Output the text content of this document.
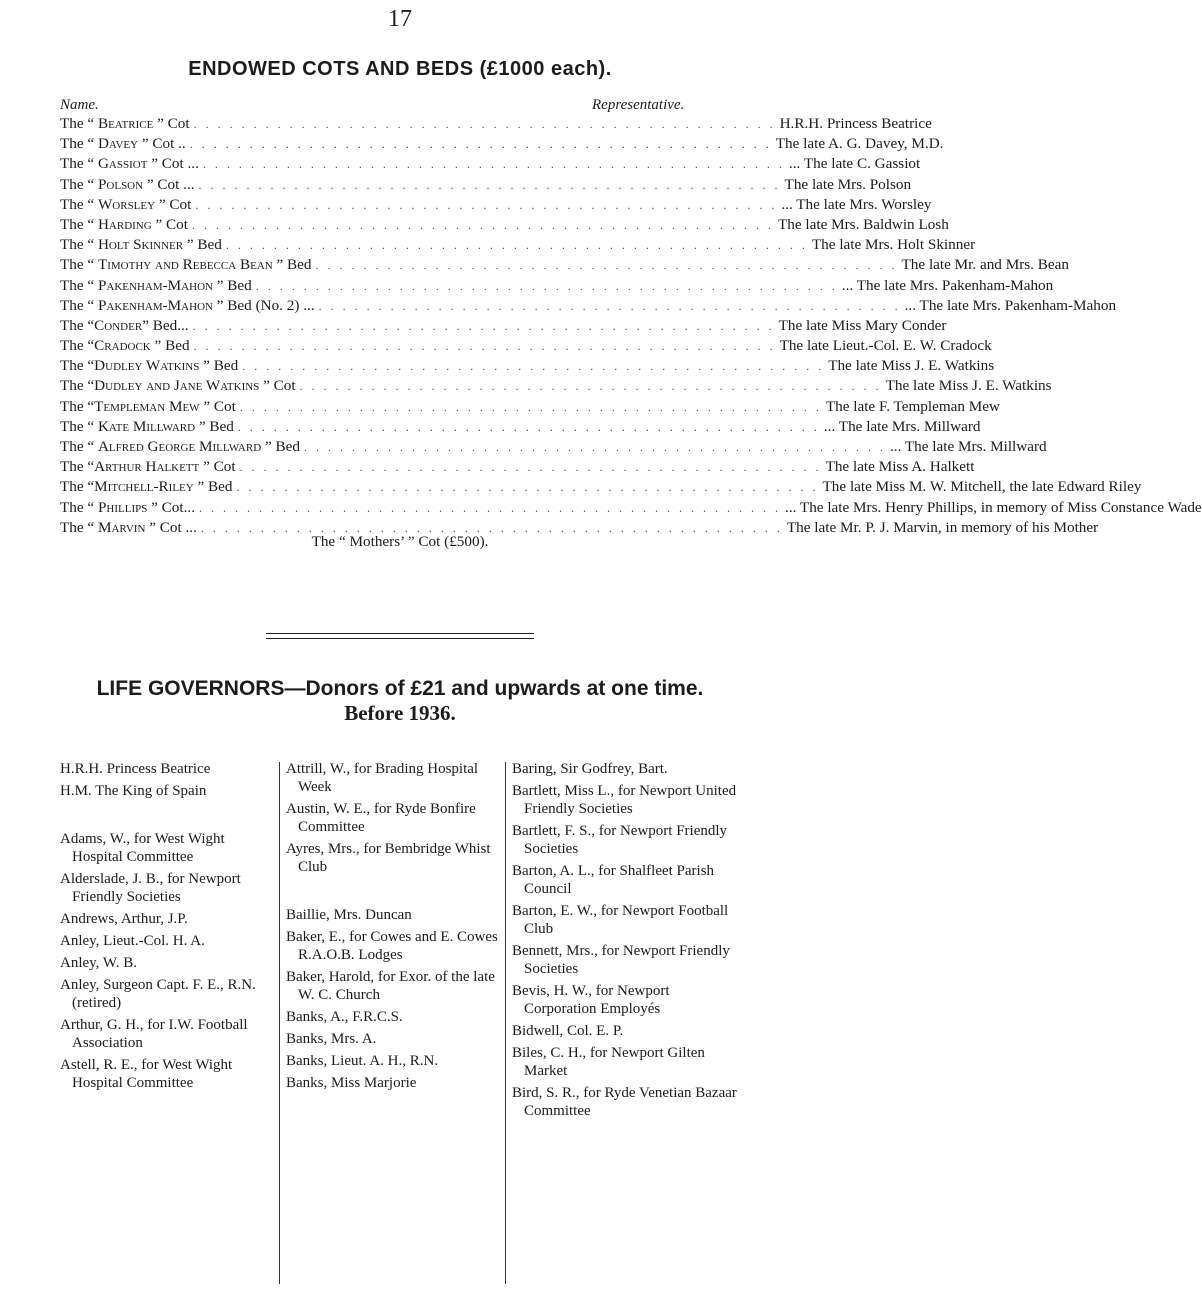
17
ENDOWED COTS AND BEDS (£1000 each).
Name.	Representative.
The “ Beatrice ” Cot . . . . . . . . . . . . . . . . . . . . . . . . . . . . . . . . . . . . . . . . . . . . . . . . . H.R.H. Princess Beatrice
The “ Davey ” Cot .. . . . . . . . . . . . . . . . . . . . . . . . . . . . . . . . . . . . . . . . . . . . . . . . . . The late A. G. Davey, M.D.
The “ Gassiot ” Cot ... . . . . . . . . . . . . . . . . . . . . . . . . . . . . . . . . . . . . . . . . . . . . . . . . . ... The late C. Gassiot
The “ Polson ” Cot ... . . . . . . . . . . . . . . . . . . . . . . . . . . . . . . . . . . . . . . . . . . . . . . . . . The late Mrs. Polson
The “ Worsley ” Cot . . . . . . . . . . . . . . . . . . . . . . . . . . . . . . . . . . . . . . . . . . . . . . . . . ... The late Mrs. Worsley
The “ Harding ” Cot . . . . . . . . . . . . . . . . . . . . . . . . . . . . . . . . . . . . . . . . . . . . . . . . . The late Mrs. Baldwin Losh
The “ Holt Skinner ” Bed . . . . . . . . . . . . . . . . . . . . . . . . . . . . . . . . . . . . . . . . . . . . . . . . . The late Mrs. Holt Skinner
The “ Timothy and Rebecca Bean ” Bed . . . . . . . . . . . . . . . . . . . . . . . . . . . . . . . . . . . . . . . . . . . . . . . . . The late Mr. and Mrs. Bean
The “ Pakenham-Mahon ” Bed . . . . . . . . . . . . . . . . . . . . . . . . . . . . . . . . . . . . . . . . . . . . . . . . . ... The late Mrs. Pakenham-Mahon
The “ Pakenham-Mahon ” Bed (No. 2) ... . . . . . . . . . . . . . . . . . . . . . . . . . . . . . . . . . . . . . . . . . . . . . . . . . ... The late Mrs. Pakenham-Mahon
The “Conder” Bed... . . . . . . . . . . . . . . . . . . . . . . . . . . . . . . . . . . . . . . . . . . . . . . . . . The late Miss Mary Conder
The “Cradock ” Bed . . . . . . . . . . . . . . . . . . . . . . . . . . . . . . . . . . . . . . . . . . . . . . . . . The late Lieut.-Col. E. W. Cradock
The “Dudley Watkins ” Bed . . . . . . . . . . . . . . . . . . . . . . . . . . . . . . . . . . . . . . . . . . . . . . . . . The late Miss J. E. Watkins
The “Dudley and Jane Watkins ” Cot . . . . . . . . . . . . . . . . . . . . . . . . . . . . . . . . . . . . . . . . . . . . . . . . . The late Miss J. E. Watkins
The “Templeman Mew ” Cot . . . . . . . . . . . . . . . . . . . . . . . . . . . . . . . . . . . . . . . . . . . . . . . . . The late F. Templeman Mew
The “ Kate Millward ” Bed . . . . . . . . . . . . . . . . . . . . . . . . . . . . . . . . . . . . . . . . . . . . . . . . . ... The late Mrs. Millward
The “ Alfred George Millward ” Bed . . . . . . . . . . . . . . . . . . . . . . . . . . . . . . . . . . . . . . . . . . . . . . . . . ... The late Mrs. Millward
The “Arthur Halkett ” Cot . . . . . . . . . . . . . . . . . . . . . . . . . . . . . . . . . . . . . . . . . . . . . . . . . The late Miss A. Halkett
The “Mitchell-Riley ” Bed . . . . . . . . . . . . . . . . . . . . . . . . . . . . . . . . . . . . . . . . . . . . . . . . . The late Miss M. W. Mitchell, the late Edward Riley
The “ Phillips ” Cot... . . . . . . . . . . . . . . . . . . . . . . . . . . . . . . . . . . . . . . . . . . . . . . . . . ... The late Mrs. Henry Phillips, in memory of Miss Constance Wade
The “ Marvin ” Cot ... . . . . . . . . . . . . . . . . . . . . . . . . . . . . . . . . . . . . . . . . . . . . . . . . . The late Mr. P. J. Marvin, in memory of his Mother
The “ Mothers’ ” Cot (£500).
LIFE GOVERNORS—Donors of £21 and upwards at one time.
Before 1936.
H.R.H. Princess Beatrice
H.M. The King of Spain
Adams, W., for West Wight Hospital Committee
Alderslade, J. B., for Newport Friendly Societies
Andrews, Arthur, J.P.
Anley, Lieut.-Col. H. A.
Anley, W. B.
Anley, Surgeon Capt. F. E., R.N. (retired)
Arthur, G. H., for I.W. Football Association
Astell, R. E., for West Wight Hospital Committee
Attrill, W., for Brading Hospital Week
Austin, W. E., for Ryde Bonfire Committee
Ayres, Mrs., for Bembridge Whist Club
Baillie, Mrs. Duncan
Baker, E., for Cowes and E. Cowes R.A.O.B. Lodges
Baker, Harold, for Exor. of the late W. C. Church
Banks, A., F.R.C.S.
Banks, Mrs. A.
Banks, Lieut. A. H., R.N.
Banks, Miss Marjorie
Baring, Sir Godfrey, Bart.
Bartlett, Miss L., for Newport United Friendly Societies
Bartlett, F. S., for Newport Friendly Societies
Barton, A. L., for Shalfleet Parish Council
Barton, E. W., for Newport Football Club
Bennett, Mrs., for Newport Friendly Societies
Bevis, H. W., for Newport Corporation Employés
Bidwell, Col. E. P.
Biles, C. H., for Newport Gilten Market
Bird, S. R., for Ryde Venetian Bazaar Committee
